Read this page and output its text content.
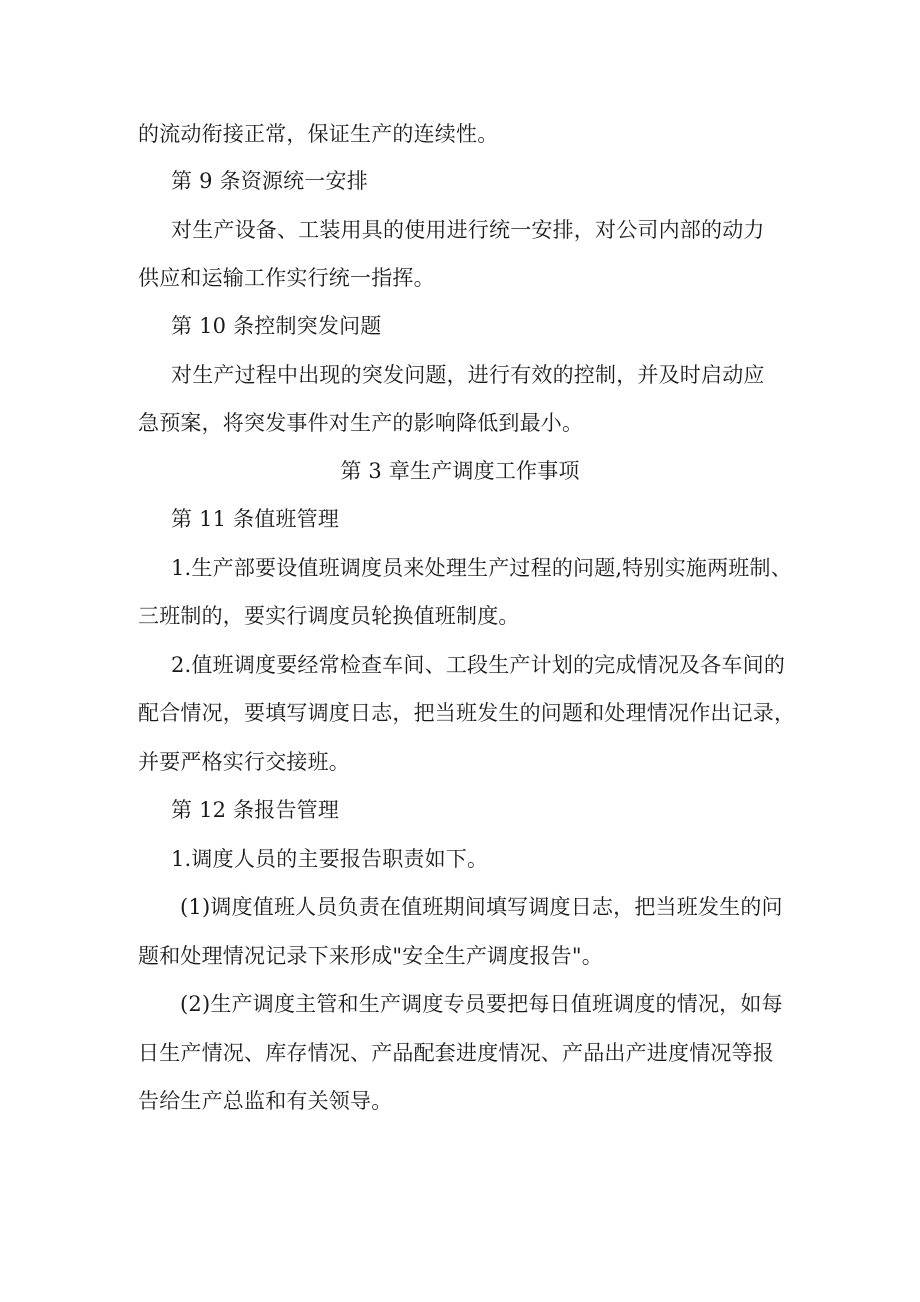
的流动衔接正常，保证生产的连续性。
第 9 条资源统一安排
对生产设备、工装用具的使用进行统一安排，对公司内部的动力
供应和运输工作实行统一指挥。
第 10 条控制突发问题
对生产过程中出现的突发问题，进行有效的控制，并及时启动应
急预案，将突发事件对生产的影响降低到最小。
第 3 章生产调度工作事项
第 11 条值班管理
1.生产部要设值班调度员来处理生产过程的问题,特别实施两班制、
三班制的，要实行调度员轮换值班制度。
2.值班调度要经常检查车间、工段生产计划的完成情况及各车间的
配合情况，要填写调度日志，把当班发生的问题和处理情况作出记录，
并要严格实行交接班。
第 12 条报告管理
1.调度人员的主要报告职责如下。
(1)调度值班人员负责在值班期间填写调度日志，把当班发生的问
题和处理情况记录下来形成"安全生产调度报告"。
(2)生产调度主管和生产调度专员要把每日值班调度的情况，如每
日生产情况、库存情况、产品配套进度情况、产品出产进度情况等报
告给生产总监和有关领导。
